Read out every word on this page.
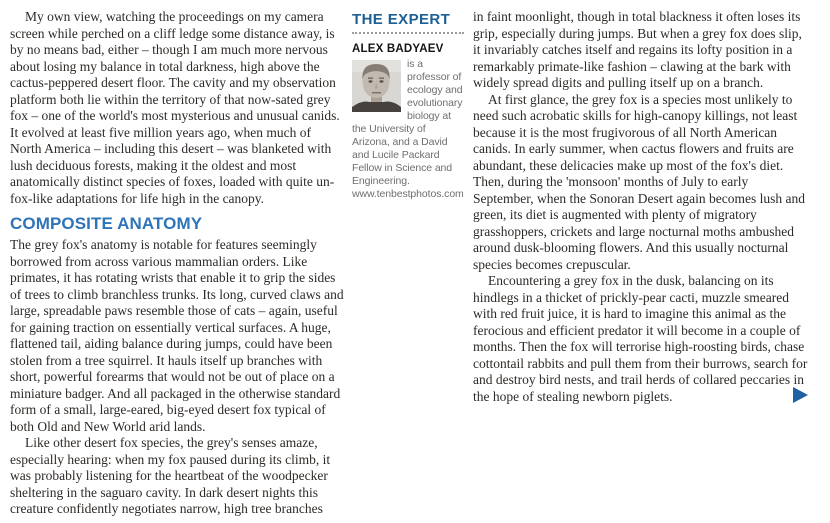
My own view, watching the proceedings on my camera screen while perched on a cliff ledge some distance away, is by no means bad, either – though I am much more nervous about losing my balance in total darkness, high above the cactus-peppered desert floor. The cavity and my observation platform both lie within the territory of that now-sated grey fox – one of the world's most mysterious and unusual canids. It evolved at least five million years ago, when much of North America – including this desert – was blanketed with lush deciduous forests, making it the oldest and most anatomically distinct species of foxes, loaded with quite un-fox-like adaptations for life high in the canopy.

COMPOSITE ANATOMY

The grey fox's anatomy is notable for features seemingly borrowed from across various mammalian orders. Like primates, it has rotating wrists that enable it to grip the sides of trees to climb branchless trunks. Its long, curved claws and large, spreadable paws resemble those of cats – again, useful for gaining traction on essentially vertical surfaces. A huge, flattened tail, aiding balance during jumps, could have been stolen from a tree squirrel. It hauls itself up branches with short, powerful forearms that would not be out of place on a miniature badger. And all packaged in the otherwise standard form of a small, large-eared, big-eyed desert fox typical of both Old and New World arid lands.

Like other desert fox species, the grey's senses amaze, especially hearing: when my fox paused during its climb, it was probably listening for the heartbeat of the woodpecker sheltering in the saguaro cavity. In dark desert nights this creature confidently negotiates narrow, high tree branches

THE EXPERT
ALEX BADYAEV
is a professor of ecology and evolutionary biology at the University of Arizona, and a David and Lucile Packard Fellow in Science and Engineering. www.tenbestphotos.com

in faint moonlight, though in total blackness it often loses its grip, especially during jumps. But when a grey fox does slip, it invariably catches itself and regains its lofty position in a remarkably primate-like fashion – clawing at the bark with widely spread digits and pulling itself up on a branch.

At first glance, the grey fox is a species most unlikely to need such acrobatic skills for high-canopy killings, not least because it is the most frugivorous of all North American canids. In early summer, when cactus flowers and fruits are abundant, these delicacies make up most of the fox's diet. Then, during the 'monsoon' months of July to early September, when the Sonoran Desert again becomes lush and green, its diet is augmented with plenty of migratory grasshoppers, crickets and large nocturnal moths ambushed around dusk-blooming flowers. And this usually nocturnal species becomes crepuscular.

Encountering a grey fox in the dusk, balancing on its hindlegs in a thicket of prickly-pear cacti, muzzle smeared with red fruit juice, it is hard to imagine this animal as the ferocious and efficient predator it will become in a couple of months. Then the fox will terrorise high-roosting birds, chase cottontail rabbits and pull them from their burrows, search for and destroy bird nests, and trail herds of collared peccaries in the hope of stealing newborn piglets.
